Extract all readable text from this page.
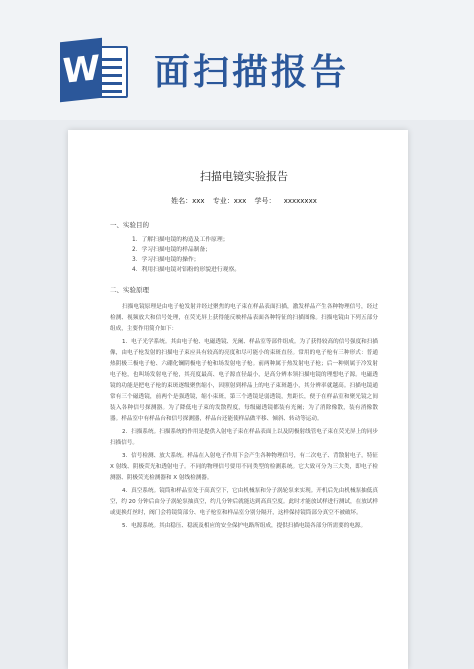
W 面扫描报告
扫描电镜实验报告
姓名：xxx 专业：xxx 学号： xxxxxxxx
一、实验目的
1．了解扫描电镜的构造及工作原理；
2．学习扫描电镜的样品制备；
3．学习扫描电镜的操作；
4．利用扫描电镜对铝粉的形貌进行观察。
二、实验原理
扫描电镜原理是由电子枪发射并经过聚焦的电子束在样品表面扫描，激发样品产生各种物理信号，经过检测、视频放大和信号处理，在荧光屏上获得能反映样品表面各种特征的扫描图像。扫描电镜由下列五部分组成，主要作用简介如下：
1．电子光学系统。其由电子枪、电磁透镜、光阑、样品室等部件组成。为了获得较高的信号强度和扫描像，由电子枪发射的扫描电子束应具有较高的亮度和尽可能小的束斑直径。常用的电子枪有三种形式：普通热阴极三极电子枪、六硼化镧阴极电子枪和场发射电子枪。前两种属于热发射电子枪；后一种则属于冷发射电子枪，也叫场发射电子枪，其亮度最高、电子源直径最小，是高分辨本领扫描电镜的理想电子源。电磁透镜的功能是把电子枪的束斑逐级聚焦缩小，因照射到样品上的电子束斑越小，其分辨率就越高。扫描电镜通常有三个磁透镜，前两个是强透镜，缩小束斑，第三个透镜是弱透镜，焦距长，便于在样品室和聚光镜之间装入各种信号探测器。为了降低电子束的发散程度，每级磁透镜都装有光阑；为了消除像散，装有消像散器。样品室中有样品台和信号探测器，样品台还能使样品做平移、倾斜、转动等运动。
2．扫描系统。扫描系统的作用是提供入射电子束在样品表面上以及阴极射线管电子束在荧光屏上的同步扫描信号。
3．信号检测、放大系统。样品在入射电子作用下会产生各种物理信号，有二次电子、背散射电子，特征 X 射线、阴极荧光和透射电子。不同的物理信号要用不同类型的检测系统。它大致可分为三大类，即电子检测器、阴极荧光检测器和 X 射线检测器。
4．真空系统。镜筒和样品室处于高真空下，它由机械泵和分子涡轮泵来实现。开机后先由机械泵抽低真空，约 20 分钟后由分子涡轮泵抽真空，约几分钟后就能达到高真空度。此时才能放试样进行测试，在放试样或更换灯丝时，阀门会将镜筒部分、电子枪室和样品室分别分隔开，这样保持镜筒部分真空不被破坏。
5．电源系统。其由稳压、稳流及相应的安全保护电路所组成，提供扫描电镜各部分所需要的电源。
